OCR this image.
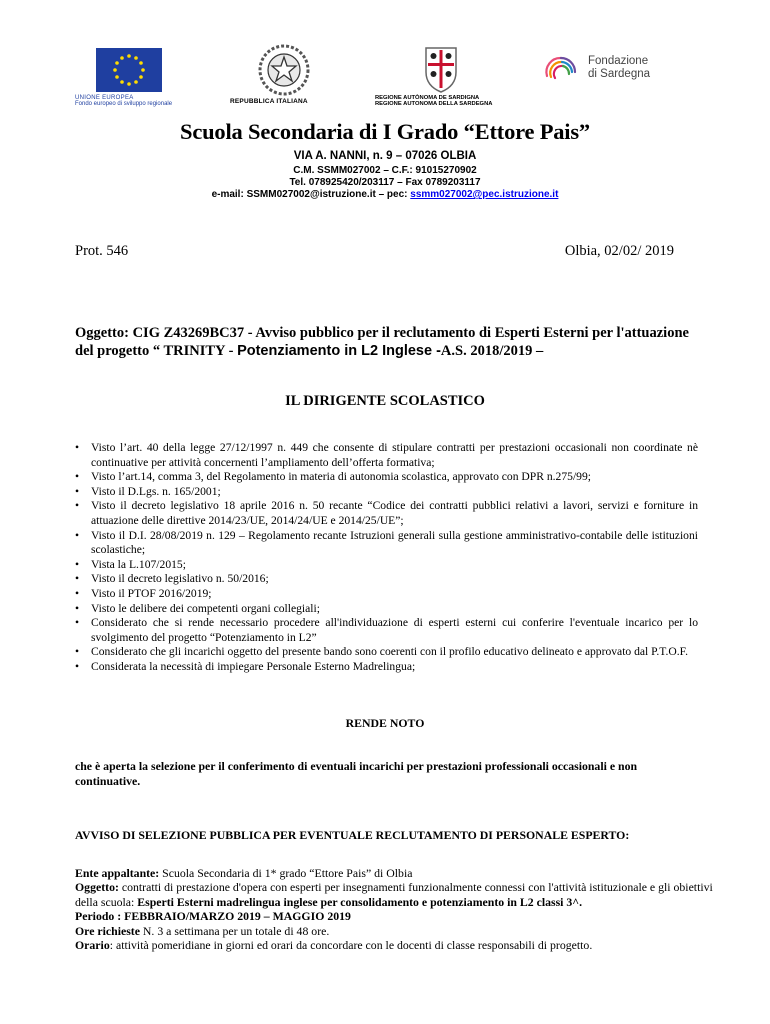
UNIONE EUROPEA
Fondo europeo di sviluppo regionale	REPUBBLICA ITALIANA	REGIONE AUTÒNOMA DE SARDIGNA
REGIONE AUTONOMA DELLA SARDEGNA
Fondazione
di Sardegna
Scuola Secondaria di I Grado “Ettore Pais”
VIA A. NANNI, n. 9 – 07026 OLBIA
C.M. SSMM027002 – C.F.: 91015270902
Tel. 078925420/203117 – Fax 0789203117
e-mail: SSMM027002@istruzione.it – pec: ssmm027002@pec.istruzione.it
Prot. 546	Olbia, 02/02/ 2019
Oggetto: CIG Z43269BC37 - Avviso pubblico per il reclutamento di Esperti Esterni per l'attuazione del progetto “ TRINITY - Potenziamento in L2 Inglese -A.S. 2018/2019 –
IL DIRIGENTE SCOLASTICO
• Visto l’art. 40 della legge 27/12/1997 n. 449 che consente di stipulare contratti per prestazioni occasionali non coordinate nè continuative per attività concernenti l’ampliamento dell’offerta formativa;
• Visto l’art.14, comma 3, del Regolamento in materia di autonomia scolastica, approvato con DPR n.275/99;
• Visto il D.Lgs. n. 165/2001;
• Visto il decreto legislativo 18 aprile 2016 n. 50 recante “Codice dei contratti pubblici relativi a lavori, servizi e forniture in attuazione delle direttive 2014/23/UE, 2014/24/UE e 2014/25/UE”;
• Visto il D.I. 28/08/2019 n. 129 – Regolamento recante Istruzioni generali sulla gestione amministrativo-contabile delle istituzioni scolastiche;
• Vista la L.107/2015;
• Visto il decreto legislativo n. 50/2016;
• Visto il PTOF 2016/2019;
• Visto le delibere dei competenti organi collegiali;
• Considerato che si rende necessario procedere all'individuazione di esperti esterni cui conferire l'eventuale incarico per lo svolgimento del progetto “Potenziamento in L2”
• Considerato che gli incarichi oggetto del presente bando sono coerenti con il profilo educativo delineato e approvato dal P.T.O.F.
• Considerata la necessità di impiegare Personale Esterno Madrelingua;
RENDE NOTO
che è aperta la selezione per il conferimento di eventuali incarichi per prestazioni professionali occasionali e non continuative.
AVVISO DI SELEZIONE PUBBLICA PER EVENTUALE RECLUTAMENTO DI PERSONALE ESPERTO:
Ente appaltante: Scuola Secondaria di 1* grado “Ettore Pais” di Olbia
Oggetto: contratti di prestazione d'opera con esperti per insegnamenti funzionalmente connessi con l'attività istituzionale e gli obiettivi della scuola: Esperti Esterni madrelingua inglese per consolidamento e potenziamento in L2 classi 3^.
Periodo : FEBBRAIO/MARZO 2019 – MAGGIO 2019
Ore richieste N. 3 a settimana per un totale di 48 ore.
Orario: attività pomeridiane in giorni ed orari da concordare con le docenti di classe responsabili di progetto.
